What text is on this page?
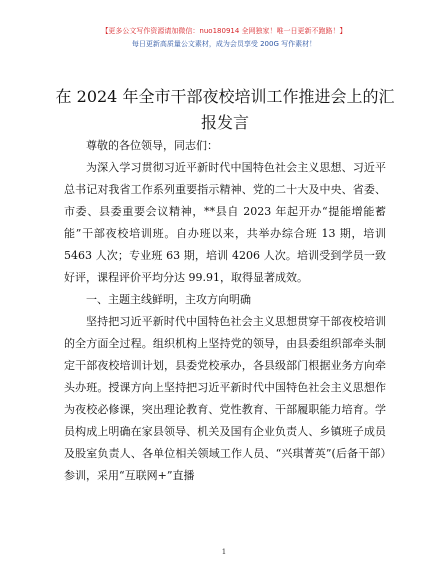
【更多公文写作资源请加微信：nuo180914 全网独家！唯一日更新不跑路！】
每日更新高质量公文素材，成为会员享受 200G 写作素材！
在 2024 年全市干部夜校培训工作推进会上的汇报发言

尊敬的各位领导，同志们：

为深入学习贯彻习近平新时代中国特色社会主义思想、习近平总书记对我省工作系列重要指示精神、党的二十大及中央、省委、市委、县委重要会议精神，**县自 2023 年起开办“提能增能蓄能”干部夜校培训班。自办班以来，共举办综合班 13 期，培训 5463 人次；专业班 63 期，培训 4206 人次。培训受到学员一致好评，课程评价平均分达 99.91，取得显著成效。

一、主题主线鲜明，主攻方向明确

坚持把习近平新时代中国特色社会主义思想贯穿干部夜校培训的全方面全过程。组织机构上坚持党的领导，由县委组织部牵头制定干部夜校培训计划，县委党校承办，各县级部门根据业务方向牵头办班。授课方向上坚持把习近平新时代中国特色社会主义思想作为夜校必修课，突出理论教育、党性教育、干部履职能力培育。学员构成上明确在家县领导、机关及国有企业负责人、乡镇班子成员及股室负责人、各单位相关领域工作人员、“兴琪菁英”(后备干部）参训，采用“互联网+”直播

1
